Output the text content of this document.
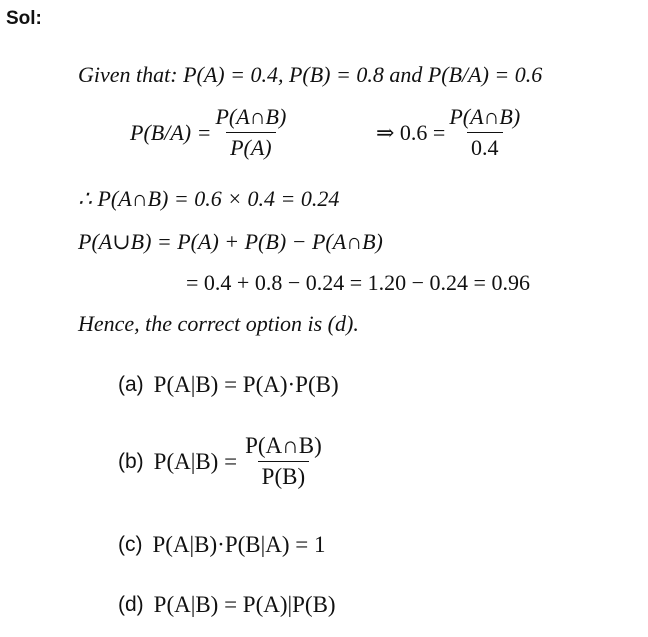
Sol:
Given that: P(A) = 0.4, P(B) = 0.8 and P(B/A) = 0.6
$P(B/A) = \frac{P(A\cap B)}{P(A)}$	⇒ $0.6 = \frac{P(A\cap B)}{0.4}$
∴ P(A∩B) = 0.6 × 0.4 = 0.24
P(A∪B) = P(A) + P(B) − P(A∩B)
= 0.4 + 0.8 − 0.24 = 1.20 − 0.24 = 0.96
Hence, the correct option is (d).
(a) P(A|B) = P(A)·P(B)
(b) $P(A|B) = \frac{P(A\cap B)}{P(B)}$
(c) P(A|B)·P(B|A) = 1
(d) P(A|B) = P(A)|P(B)
